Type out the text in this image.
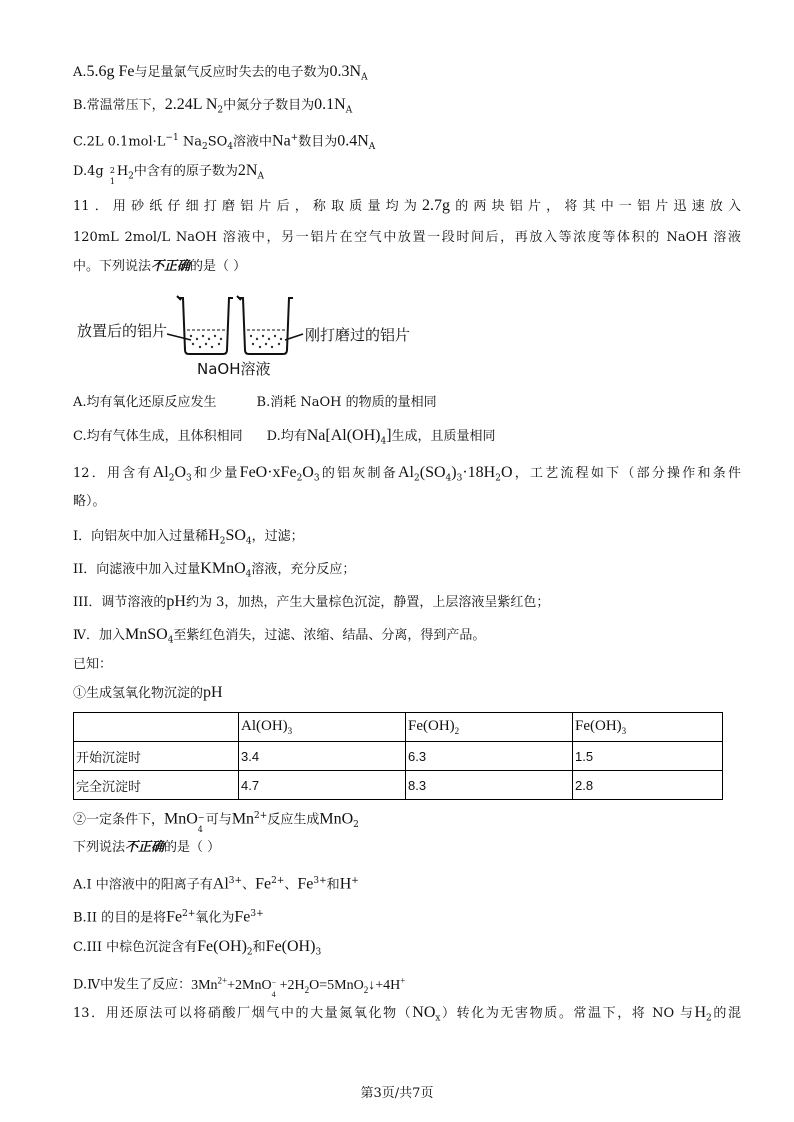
A.5.6g Fe与足量氯气反应时失去的电子数为$0.3N_A$
B.常温常压下，2.24L $N_2$中氮分子数目为$0.1N_A$
C.2L $0.1mol\cdot L^{-1}$ $Na_2SO_4$溶液中Na+数目为$0.4N_A$
D.4g 2
1
$H_2$中含有的原子数为$2N_A$
11．用砂纸仔细打磨铝片后，称取质量均为2.7g的两块铝片，将其中一铝片迅速放入
120mL 2mol/L NaOH 溶液中，另一铝片在空气中放置一段时间后，再放入等浓度等体积的 NaOH 溶液
中。下列说法不正确的是（ ）
放置后的铝片	刚打磨过的铝片
NaOH溶液
A.均有氧化还原反应发生	B.消耗 NaOH 的物质的量相同
C.均有气体生成，且体积相同 D.均有$Na[Al(OH)_4]$生成，且质量相同
12．用含有$Al_2O_3$和少量$FeO\cdot xFe_2O_3$的铝灰制备$Al_2(SO_4)_3\cdot 18H_2O$，工艺流程如下（部分操作和条件
略）。
Ⅰ．向铝灰中加入过量稀$H_2SO_4$，过滤；
II．向滤液中加入过量KMnO$_4$溶液，充分反应；
III．调节溶液的pH约为 3，加热，产生大量棕色沉淀，静置，上层溶液呈紫红色；
Ⅳ．加入MnSO$_4$至紫红色消失，过滤、浓缩、结晶、分离，得到产品。
已知：
①生成氢氧化物沉淀的pH
	$Al(OH)_3$	$Fe(OH)_2$	$Fe(OH)_3$
开始沉淀时	3.4	6.3	1.5
完全沉淀时	4.7	8.3	2.8
②一定条件下，MnO −
4
可与$Mn^{2+}$反应生成MnO$_2$
下列说法不正确的是（ ）
A.I 中溶液中的阳离子有$Al^{3+}$、$Fe^{2+}$、$Fe^{3+}$和H+
B.II 的目的是将$Fe^{2+}$氧化为$Fe^{3+}$
C.III 中棕色沉淀含有$Fe(OH)_2$和$Fe(OH)_3$
D.Ⅳ中发生了反应：$3Mn^{2+}+2MnO$ −
4
$+2H_2O=5MnO_2↓+4H^+$
13．用还原法可以将硝酸厂烟气中的大量氮氧化物$(NO_x)$转化为无害物质。常温下，将 NO 与$H_2$的混
第3页/共7页
